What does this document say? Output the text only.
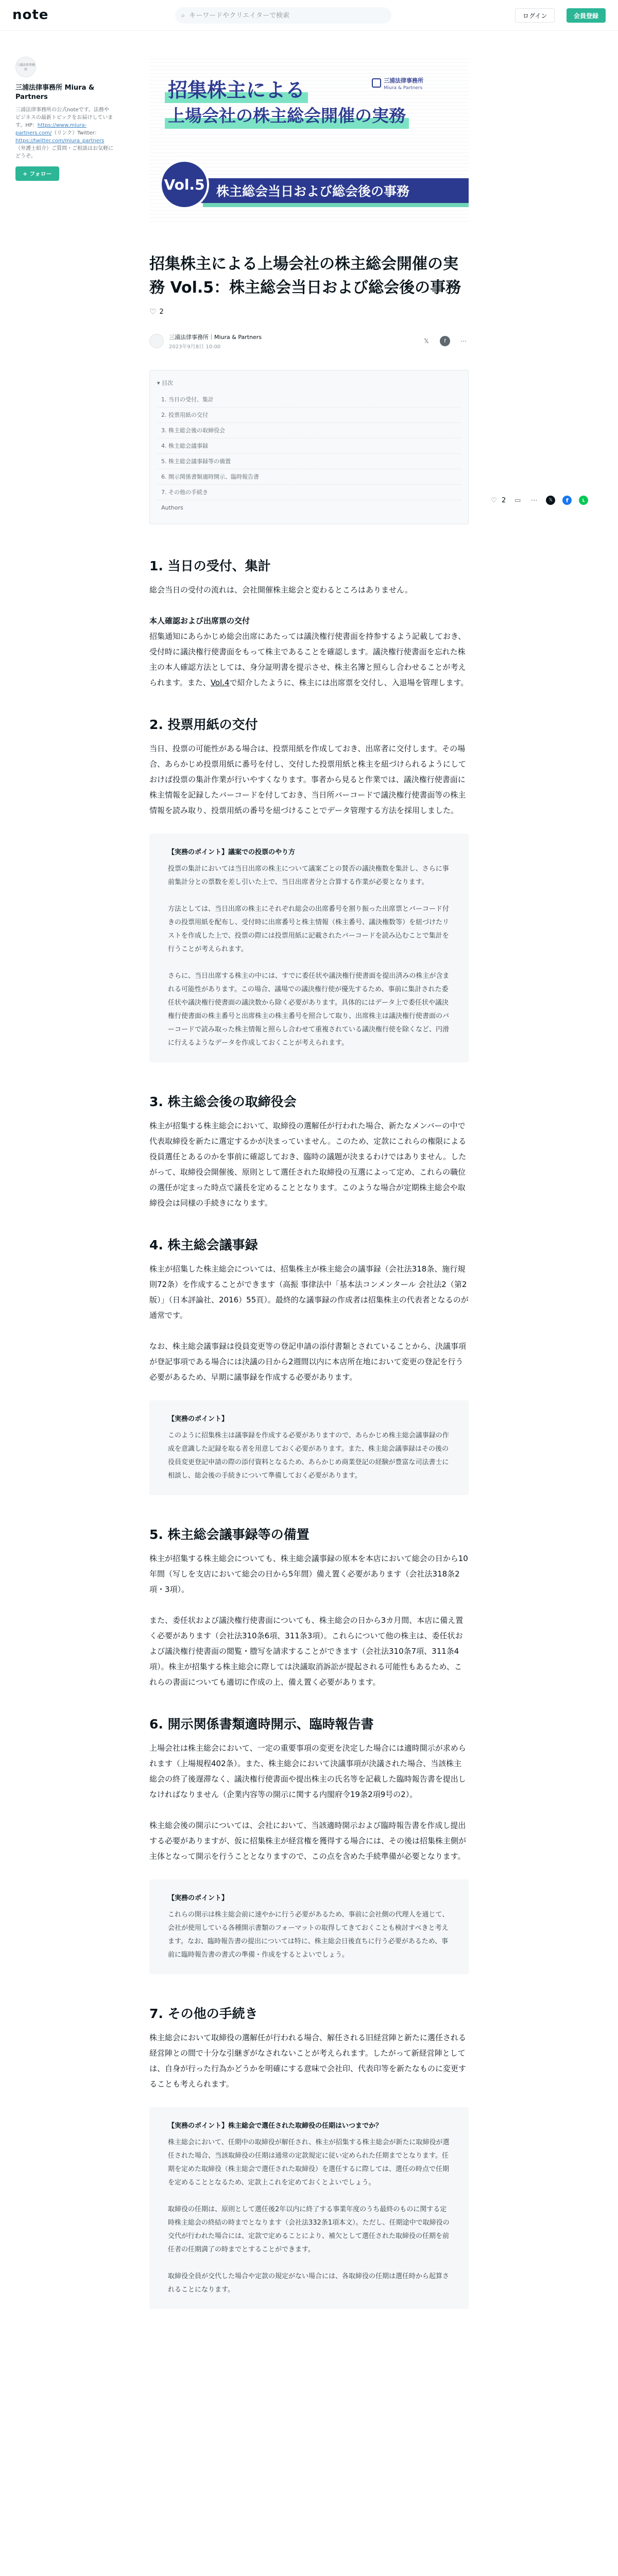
note	⌕
キーワードやクリエイターで検索	ログイン	会員登録
三浦法律事務所
三浦法律事務所 Miura & Partners
三浦法律事務所の公式noteです。法務やビジネスの最新トピックをお届けしています。HP：https://www.miura-partners.com/（リンク）Twitter：https://twitter.com/miura_partners（弁護士紹介）ご質問・ご相談はお気軽にどうぞ。
+ フォロー
招集株主による
上場会社の株主総会開催の実務
三浦法律事務所
Miura & Partners
株主総会当日および総会後の事務
Vol.5
招集株主による上場会社の株主総会開催の実務 Vol.5：株主総会当日および総会後の事務
♡ 2
三浦法律事務所｜Miura & Partners
2023年9月8日 10:00
𝕏	f	⋯
▾ 目次
1. 当日の受付、集計
2. 投票用紙の交付
3. 株主総会後の取締役会
4. 株主総会議事録
5. 株主総会議事録等の備置
6. 開示関係書類適時開示、臨時報告書
7. その他の手続き
Authors
1. 当日の受付、集計
総会当日の受付の流れは、会社開催株主総会と変わるところはありません。
本人確認および出席票の交付
招集通知にあらかじめ総会出席にあたっては議決権行使書面を持参するよう記載しておき、受付時に議決権行使書面をもって株主であることを確認します。議決権行使書面を忘れた株主の本人確認方法としては、身分証明書を提示させ、株主名簿と照らし合わせることが考えられます。また、Vol.4で紹介したように、株主には出席票を交付し、入退場を管理します。
2. 投票用紙の交付
当日、投票の可能性がある場合は、投票用紙を作成しておき、出席者に交付します。その場合、あらかじめ投票用紙に番号を付し、交付した投票用紙と株主を紐づけられるようにしておけば投票の集計作業が行いやすくなります。事者から見ると作業では、議決権行使書面に株主情報を記録したバーコードを付しておき、当日所バーコードで議決権行使書面等の株主情報を読み取り、投票用紙の番号を紐づけることでデータ管理する方法を採用しました。
【実務のポイント】議案での投票のやり方
投票の集計においては当日出席の株主について議案ごとの賛否の議決権数を集計し、さらに事前集計分との票数を差し引いた上で、当日出席者分と合算する作業が必要となります。
方法としては、当日出席の株主にそれぞれ総会の出席番号を割り振った出席票とバーコード付きの投票用紙を配布し、受付時に出席番号と株主情報（株主番号、議決権数等）を紐づけたリストを作成した上で、投票の際には投票用紙に記載されたバーコードを読み込むことで集計を行うことが考えられます。
さらに、当日出席する株主の中には、すでに委任状や議決権行使書面を提出済みの株主が含まれる可能性があります。この場合、議場での議決権行使が優先するため、事前に集計された委任状や議決権行使書面の議決数から除く必要があります。具体的にはデータ上で委任状や議決権行使書面の株主番号と出席株主の株主番号を照合して取り、出席株主は議決権行使書面のバーコードで読み取った株主情報と照らし合わせて重複されている議決権行使を除くなど、円滑に行えるようなデータを作成しておくことが考えられます。
3. 株主総会後の取締役会
株主が招集する株主総会において、取締役の選解任が行われた場合、新たなメンバーの中で代表取締役を新たに選定するかが決まっていません。このため、定款にこれらの権限による役員選任とあるのかを事前に確認しておき、臨時の議題が決まるわけではありません。したがって、取締役会開催後、原則として選任された取締役の互選によって定め、これらの職位の選任が定まった時点で議長を定めることとなります。このような場合が定期株主総会や取締役会は同様の手続きになります。
4. 株主総会議事録
株主が招集した株主総会については、招集株主が株主総会の議事録（会社法318条、施行規則72条）を作成することができます（高振 事律法中「基本法コンメンタール 会社法2（第2版）」（日本評論社、2016）55頁）。最終的な議事録の作成者は招集株主の代表者となるのが通常です。
なお、株主総会議事録は役員変更等の登記申請の添付書類とされていることから、決議事項が登記事項である場合には決議の日から2週間以内に本店所在地において変更の登記を行う必要があるため、早期に議事録を作成する必要があります。
【実務のポイント】
このように招集株主は議事録を作成する必要がありますので、あらかじめ株主総会議事録の作成を意識した記録を取る者を用意しておく必要があります。また、株主総会議事録はその後の役員変更登記申請の際の添付資料となるため、あらかじめ商業登記の経験が豊富な司法書士に相談し、総会後の手続きについて準備しておく必要があります。
5. 株主総会議事録等の備置
株主が招集する株主総会についても、株主総会議事録の原本を本店において総会の日から10年間（写しを支店において総会の日から5年間）備え置く必要があります（会社法318条2項・3項）。
また、委任状および議決権行使書面についても、株主総会の日から3カ月間、本店に備え置く必要があります（会社法310条6項、311条3項）。これらについて他の株主は、委任状および議決権行使書面の閲覧・謄写を請求することができます（会社法310条7項、311条4項）。株主が招集する株主総会に際しては決議取消訴訟が提起される可能性もあるため、これらの書面についても適切に作成の上、備え置く必要があります。
6. 開示関係書類適時開示、臨時報告書
上場会社は株主総会において、一定の重要事項の変更を決定した場合には適時開示が求められます（上場規程402条）。また、株主総会において決議事項が決議された場合、当該株主総会の終了後遅滞なく、議決権行使書面や提出株主の氏名等を記載した臨時報告書を提出しなければなりません（企業内容等の開示に関する内閣府令19条2項9号の2）。
株主総会後の開示については、会社において、当該適時開示および臨時報告書を作成し提出する必要がありますが、仮に招集株主が経営権を獲得する場合には、その後は招集株主側が主体となって開示を行うこととなりますので、この点を含めた手続準備が必要となります。
【実務のポイント】
これらの開示は株主総会前に速やかに行う必要があるため、事前に会社側の代理人を通じて、会社が使用している各種開示書類のフォーマットの取得してきておくことも検討すべきと考えます。なお、臨時報告書の提出については特に、株主総会日後直ちに行う必要があるため、事前に臨時報告書の書式の準備・作成をするとよいでしょう。
7. その他の手続き
株主総会において取締役の選解任が行われる場合、解任される旧経営陣と新たに選任される経営陣との間で十分な引継ぎがなされないことが考えられます。したがって新経営陣としては、自身が行った行為かどうかを明確にする意味で会社印、代表印等を新たなものに変更することも考えられます。
【実務のポイント】株主総会で選任された取締役の任期はいつまでか？
株主総会において、任期中の取締役が解任され、株主が招集する株主総会が新たに取締役が選任された場合、当該取締役の任期は通常の定款規定に従い定められた任期までとなります。任期を定めた取締役（株主総会で選任された取締役）を選任するに際しては、選任の時点で任期を定めることとなるため、定款上これを定めておくとよいでしょう。
取締役の任期は、原則として選任後2年以内に終了する事業年度のうち最終のものに関する定時株主総会の終結の時までとなります（会社法332条1項本文）。ただし、任期途中で取締役の交代が行われた場合には、定款で定めることにより、補欠として選任された取締役の任期を前任者の任期満了の時までとすることができます。
取締役全員が交代した場合や定款の規定がない場合には、各取締役の任期は選任時から起算されることになります。
♡ 2 ▭ ⋯	𝕏	f	L
